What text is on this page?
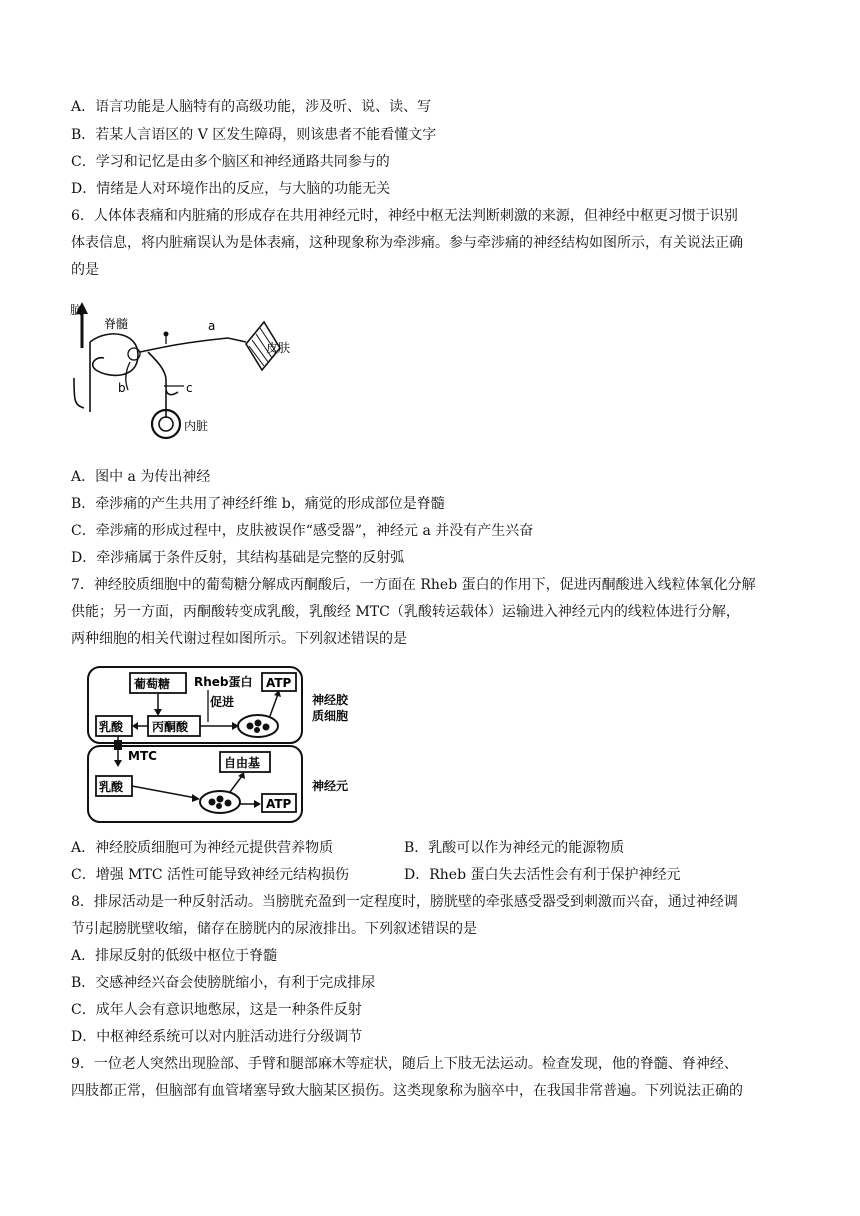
A．语言功能是人脑特有的高级功能，涉及听、说、读、写
B．若某人言语区的 V 区发生障碍，则该患者不能看懂文字
C．学习和记忆是由多个脑区和神经通路共同参与的
D．情绪是人对环境作出的反应，与大脑的功能无关
6．人体体表痛和内脏痛的形成存在共用神经元时，神经中枢无法判断刺激的来源，但神经中枢更习惯于识别
体表信息，将内脏痛误认为是体表痛，这种现象称为牵涉痛。参与牵涉痛的神经结构如图所示，有关说法正确
的是
脑
脊髓	a
皮肤
c
b
内脏
A．图中 a 为传出神经
B．牵涉痛的产生共用了神经纤维 b，痛觉的形成部位是脊髓
C．牵涉痛的形成过程中，皮肤被误作“感受器”，神经元 a 并没有产生兴奋
D．牵涉痛属于条件反射，其结构基础是完整的反射弧
7．神经胶质细胞中的葡萄糖分解成丙酮酸后，一方面在 Rheb 蛋白的作用下，促进丙酮酸进入线粒体氧化分解
供能；另一方面，丙酮酸转变成乳酸，乳酸经 MTC（乳酸转运载体）运输进入神经元内的线粒体进行分解，
两种细胞的相关代谢过程如图所示。下列叙述错误的是
葡萄糖 Rheb蛋白
促进
ATP
乳酸 丙酮酸
神经胶
质细胞
MTC	自由基
乳酸
ATP
神经元
A．神经胶质细胞可为神经元提供营养物质	B．乳酸可以作为神经元的能源物质
C．增强 MTC 活性可能导致神经元结构损伤	D．Rheb 蛋白失去活性会有利于保护神经元
8．排尿活动是一种反射活动。当膀胱充盈到一定程度时，膀胱壁的牵张感受器受到刺激而兴奋，通过神经调
节引起膀胱壁收缩，储存在膀胱内的尿液排出。下列叙述错误的是
A．排尿反射的低级中枢位于脊髓
B．交感神经兴奋会使膀胱缩小，有利于完成排尿
C．成年人会有意识地憋尿，这是一种条件反射
D．中枢神经系统可以对内脏活动进行分级调节
9．一位老人突然出现脸部、手臂和腿部麻木等症状，随后上下肢无法运动。检查发现，他的脊髓、脊神经、
四肢都正常，但脑部有血管堵塞导致大脑某区损伤。这类现象称为脑卒中，在我国非常普遍。下列说法正确的
